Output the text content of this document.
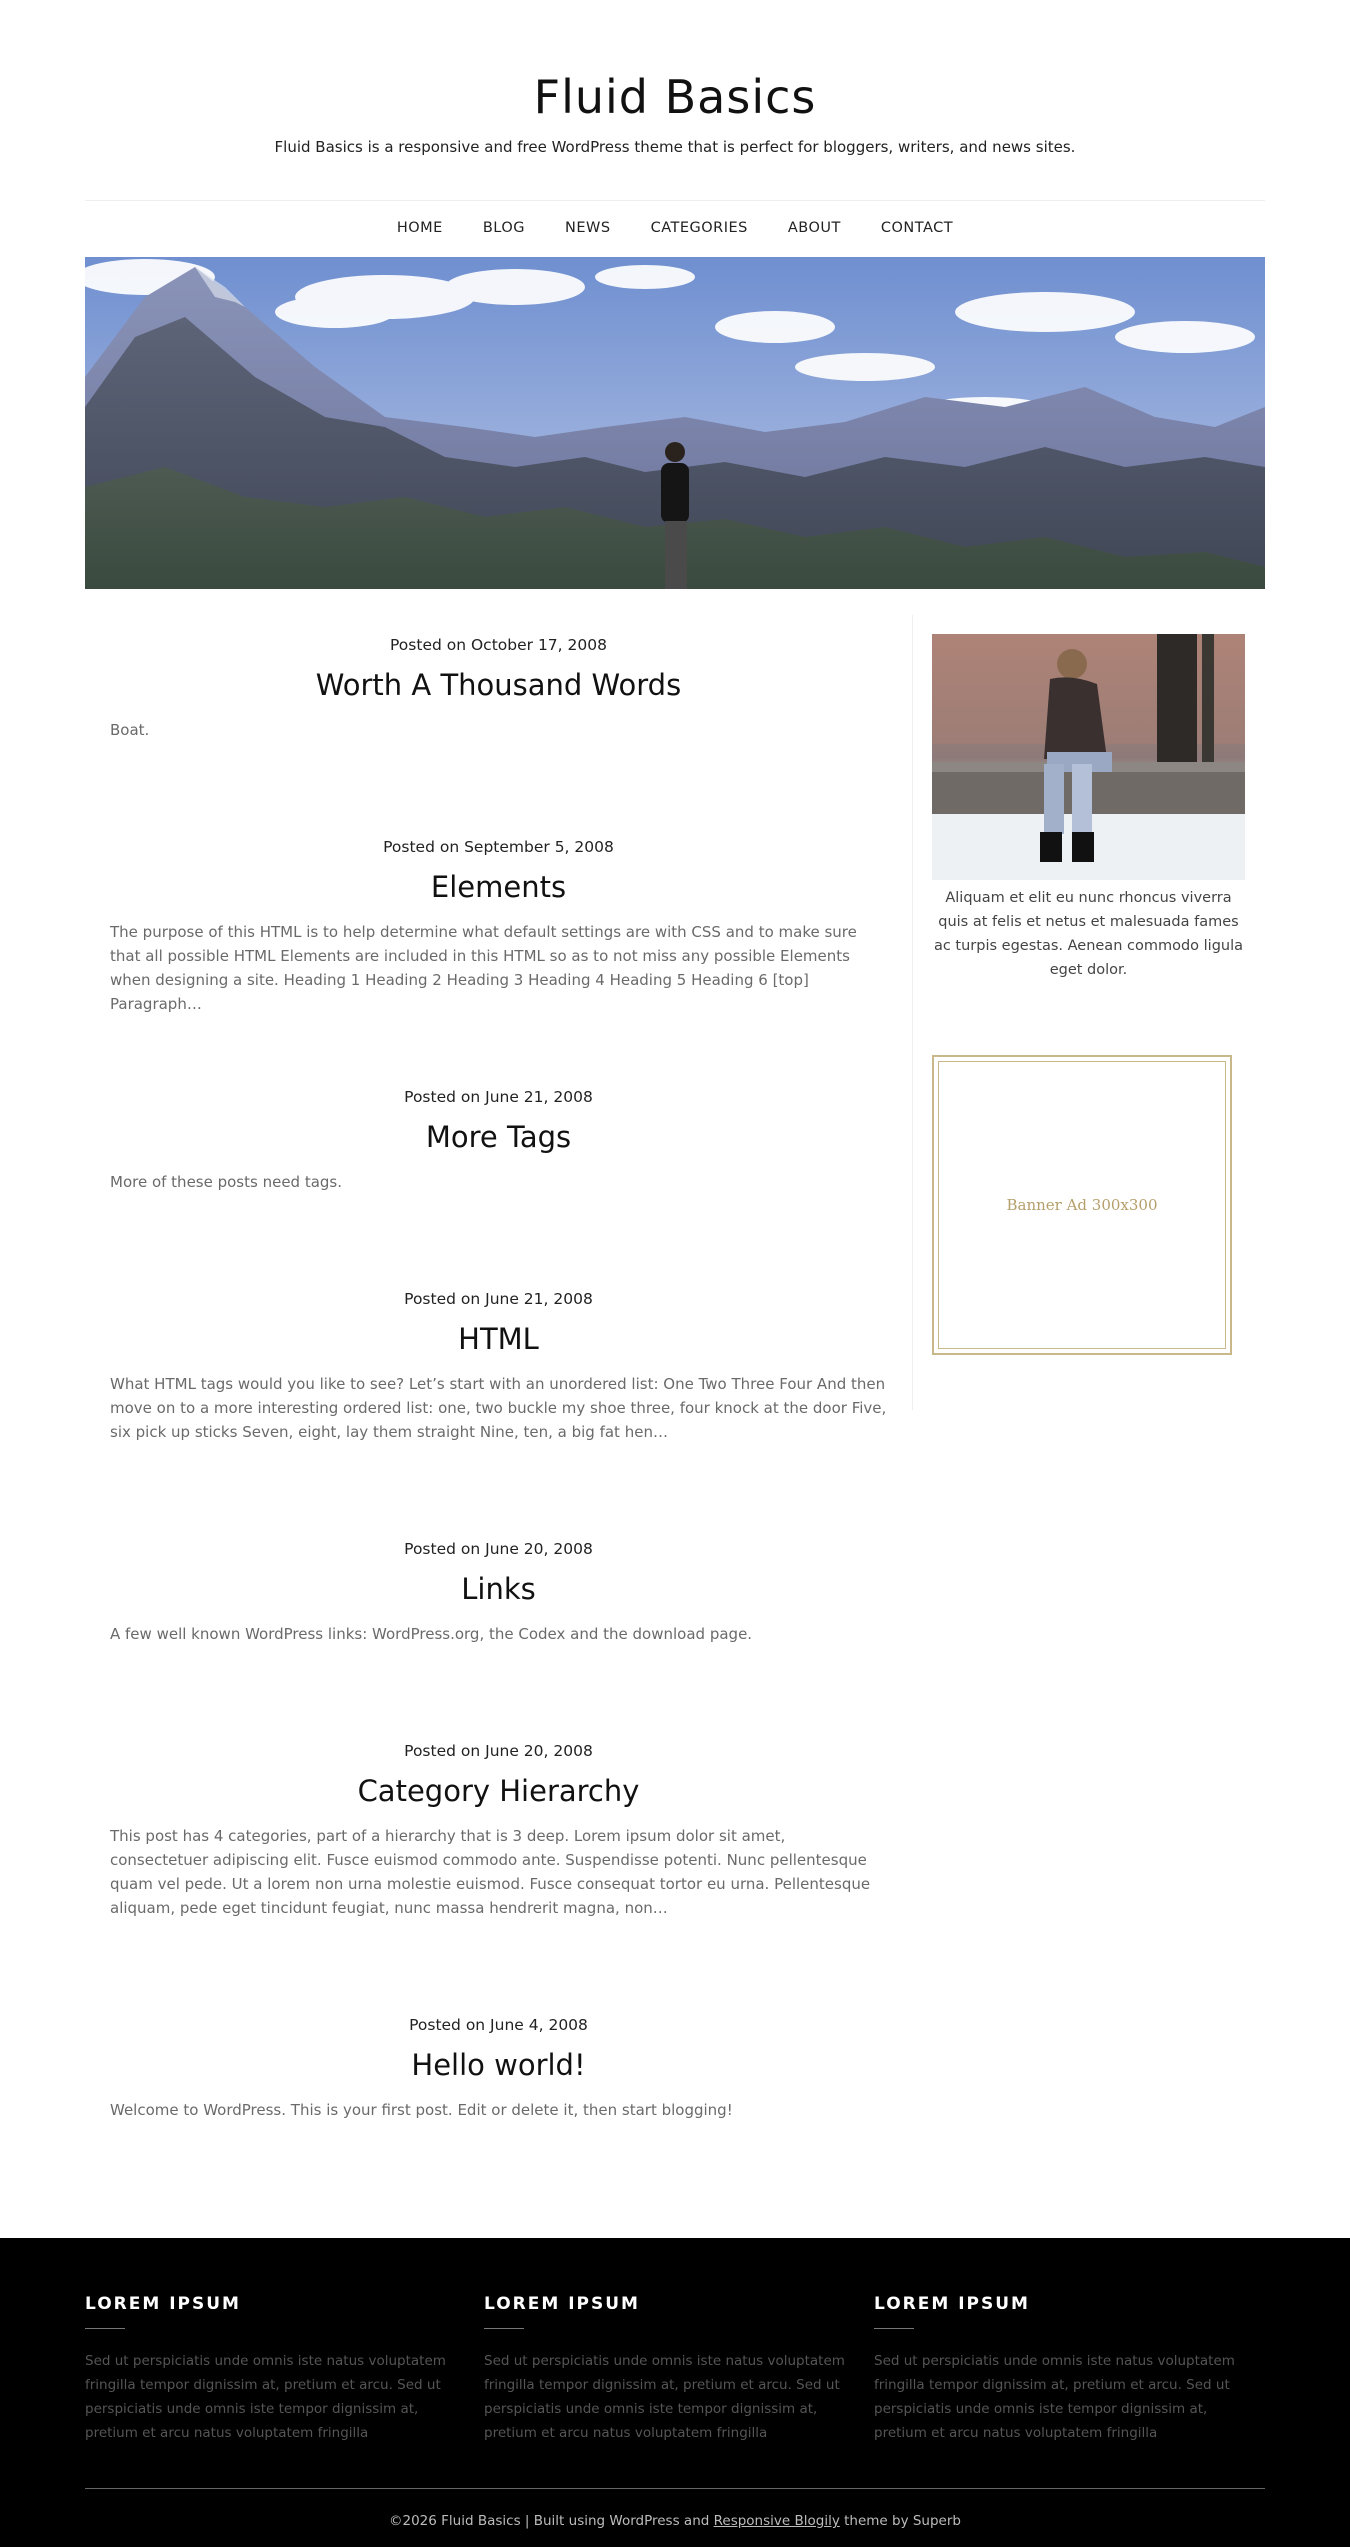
Fluid Basics

Fluid Basics is a responsive and free WordPress theme that is perfect for bloggers, writers, and news sites.

HOME	BLOG	NEWS	CATEGORIES	ABOUT	CONTACT
Posted on October 17, 2008
Worth A Thousand Words

Boat.

Posted on September 5, 2008
Elements

The purpose of this HTML is to help determine what default settings are with CSS and to make sure that all possible HTML Elements are included in this HTML so as to not miss any possible Elements when designing a site. Heading 1 Heading 2 Heading 3 Heading 4 Heading 5 Heading 6 [top] Paragraph…

Posted on June 21, 2008
More Tags

More of these posts need tags.

Posted on June 21, 2008
HTML

What HTML tags would you like to see? Let’s start with an unordered list: One Two Three Four And then move on to a more interesting ordered list: one, two buckle my shoe three, four knock at the door Five, six pick up sticks Seven, eight, lay them straight Nine, ten, a big fat hen…

Posted on June 20, 2008
Links

A few well known WordPress links: WordPress.org, the Codex and the download page.

Posted on June 20, 2008
Category Hierarchy

This post has 4 categories, part of a hierarchy that is 3 deep. Lorem ipsum dolor sit amet, consectetuer adipiscing elit. Fusce euismod commodo ante. Suspendisse potenti. Nunc pellentesque quam vel pede. Ut a lorem non urna molestie euismod. Fusce consequat tortor eu urna. Pellentesque aliquam, pede eget tincidunt feugiat, nunc massa hendrerit magna, non…

Posted on June 4, 2008
Hello world!

Welcome to WordPress. This is your first post. Edit or delete it, then start blogging!

Aliquam et elit eu nunc rhoncus viverra quis at felis et netus et malesuada fames ac turpis egestas. Aenean commodo ligula eget dolor.

Banner Ad 300x300
LOREM IPSUM

Sed ut perspiciatis unde omnis iste natus voluptatem fringilla tempor dignissim at, pretium et arcu. Sed ut perspiciatis unde omnis iste tempor dignissim at, pretium et arcu natus voluptatem fringilla

LOREM IPSUM

Sed ut perspiciatis unde omnis iste natus voluptatem fringilla tempor dignissim at, pretium et arcu. Sed ut perspiciatis unde omnis iste tempor dignissim at, pretium et arcu natus voluptatem fringilla

LOREM IPSUM

Sed ut perspiciatis unde omnis iste natus voluptatem fringilla tempor dignissim at, pretium et arcu. Sed ut perspiciatis unde omnis iste tempor dignissim at, pretium et arcu natus voluptatem fringilla

©2026 Fluid Basics | Built using WordPress and Responsive Blogily theme by Superb
